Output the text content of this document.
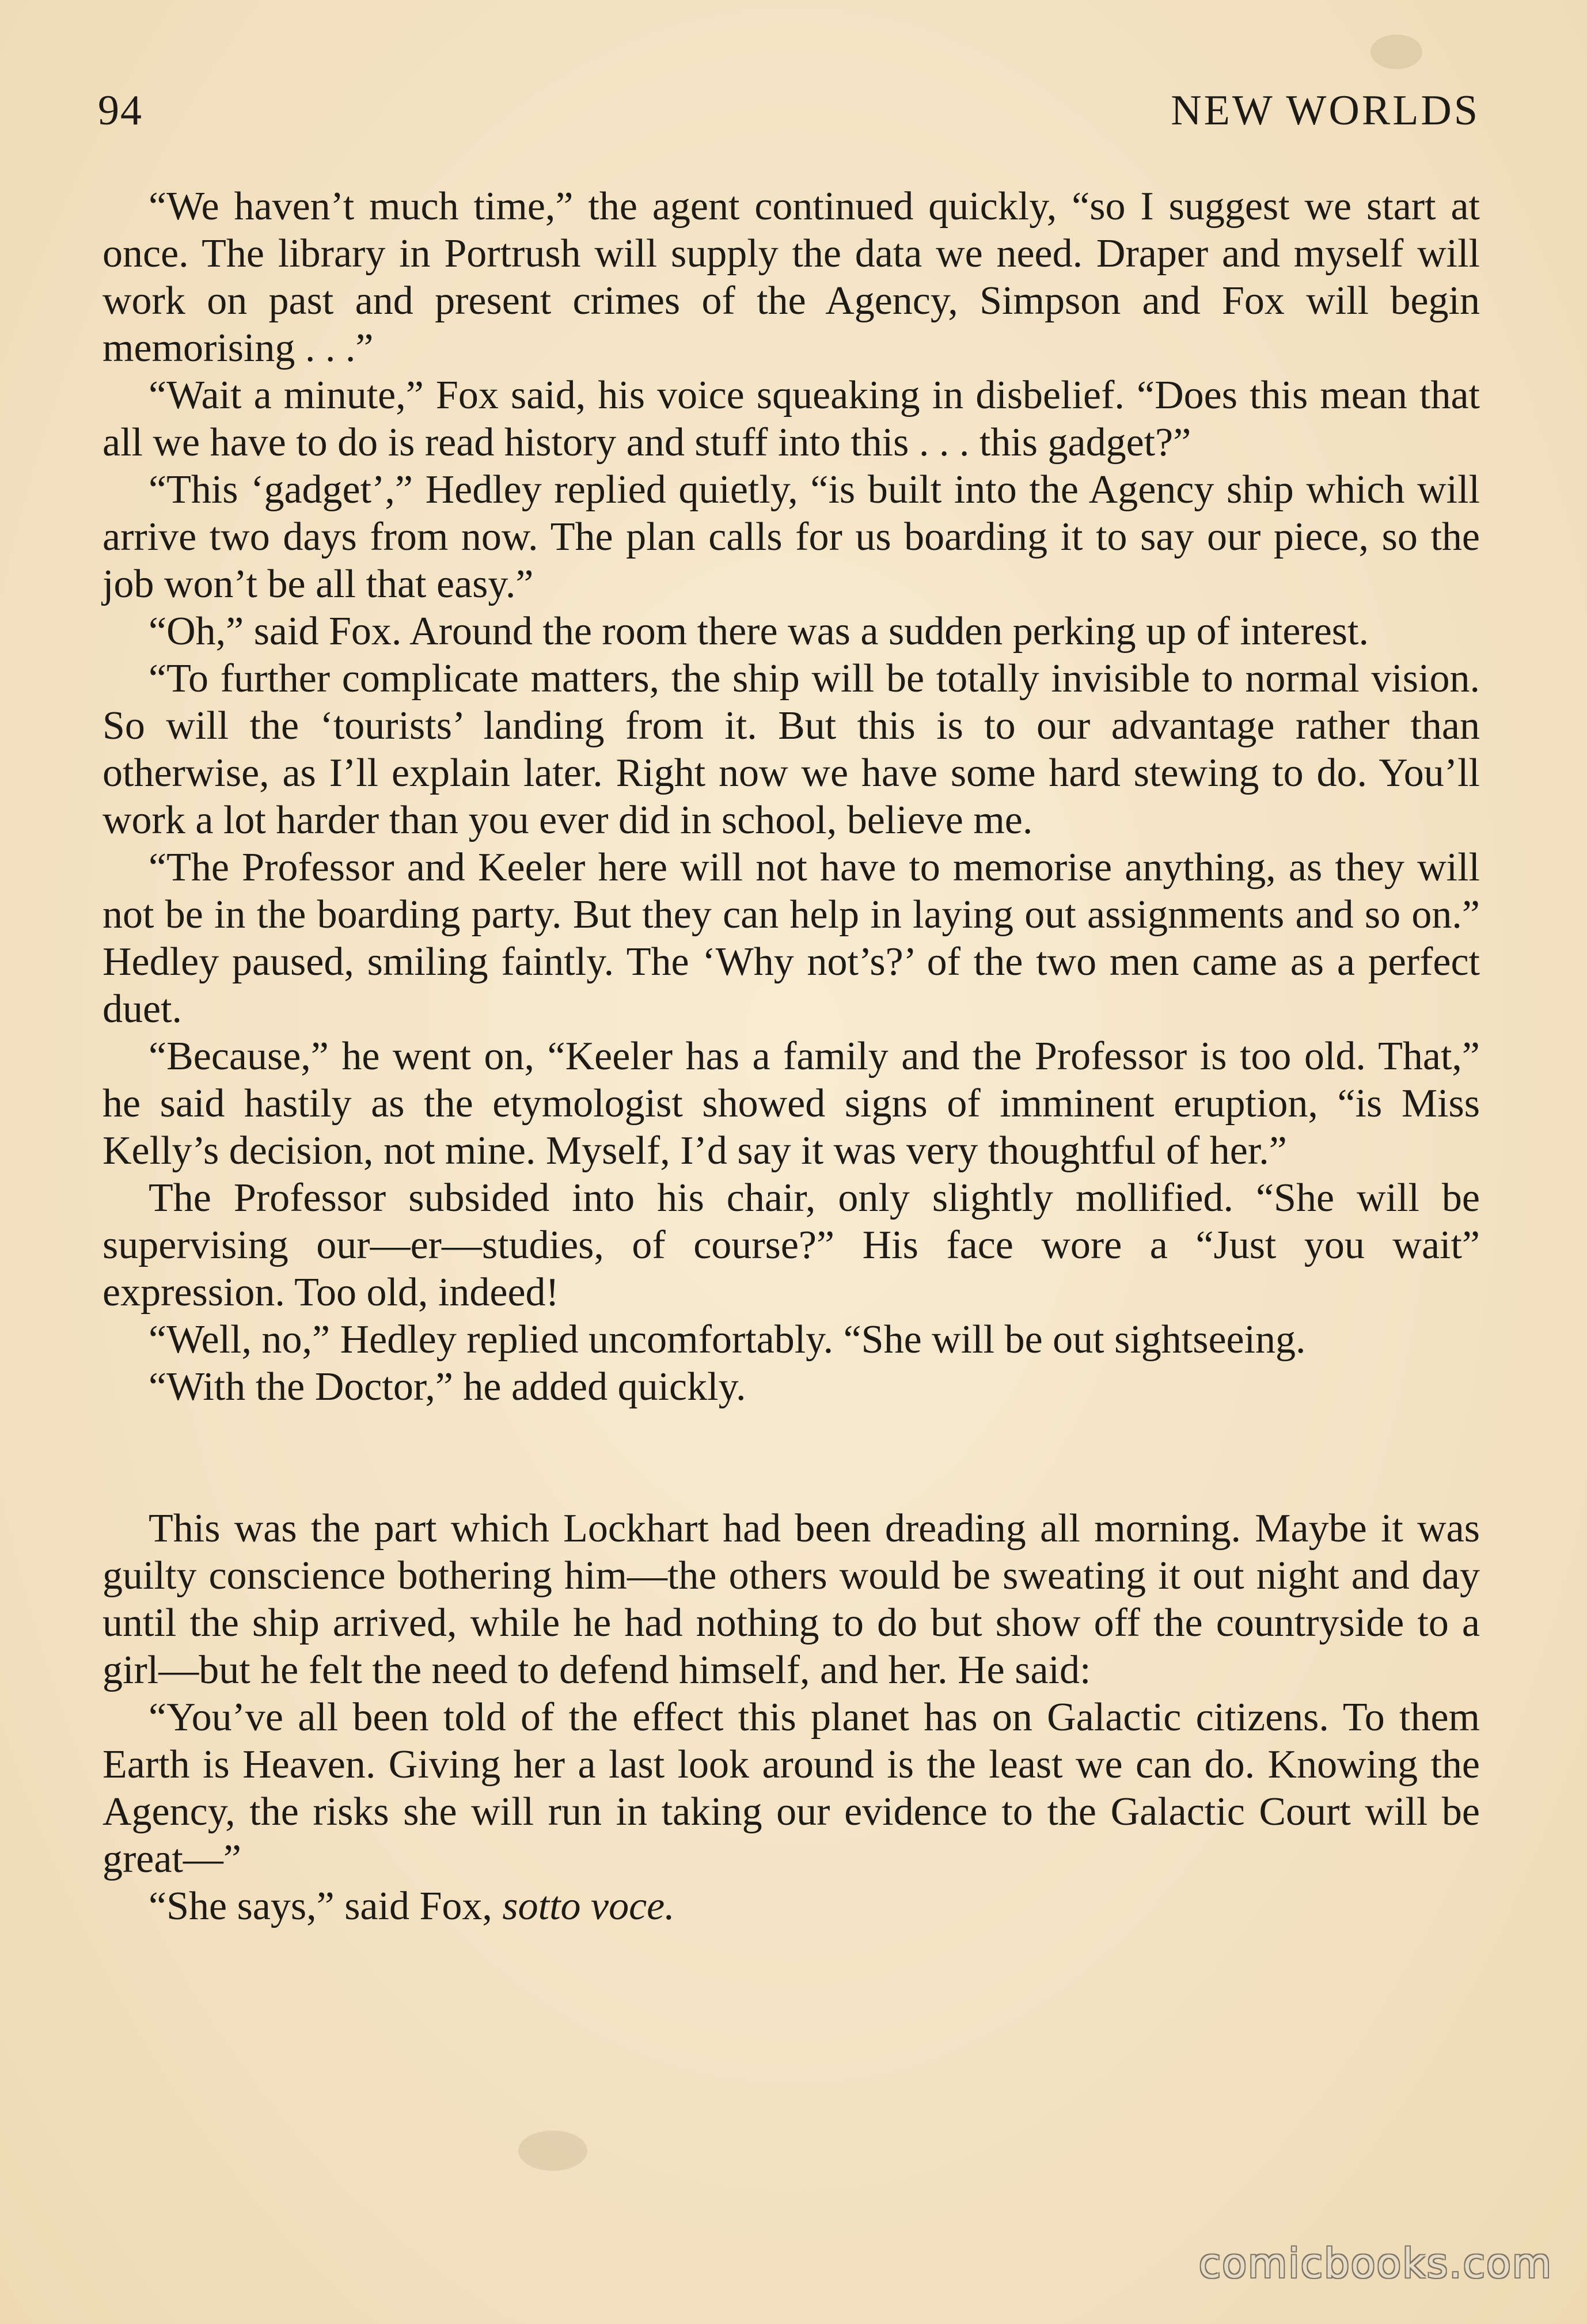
94	NEW WORLDS

“We haven’t much time,” the agent continued quickly, “so I suggest we start at once. The library in Portrush will supply the data we need. Draper and myself will work on past and present crimes of the Agency, Simpson and Fox will begin memorising . . .”

“Wait a minute,” Fox said, his voice squeaking in disbelief. “Does this mean that all we have to do is read history and stuff into this . . . this gadget?”

“This ‘gadget’,” Hedley replied quietly, “is built into the Agency ship which will arrive two days from now. The plan calls for us boarding it to say our piece, so the job won’t be all that easy.”

“Oh,” said Fox. Around the room there was a sudden perking up of interest.

“To further complicate matters, the ship will be totally invisible to normal vision. So will the ‘tourists’ landing from it. But this is to our advantage rather than otherwise, as I’ll explain later. Right now we have some hard stewing to do. You’ll work a lot harder than you ever did in school, believe me.

“The Professor and Keeler here will not have to memorise anything, as they will not be in the boarding party. But they can help in laying out assignments and so on.” Hedley paused, smiling faintly. The ‘Why not’s?’ of the two men came as a perfect duet.

“Because,” he went on, “Keeler has a family and the Professor is too old. That,” he said hastily as the etymologist showed signs of imminent eruption, “is Miss Kelly’s decision, not mine. Myself, I’d say it was very thoughtful of her.”

The Professor subsided into his chair, only slightly mollified. “She will be supervising our—er—studies, of course?” His face wore a “Just you wait” expression. Too old, indeed!

“Well, no,” Hedley replied uncomfortably. “She will be out sightseeing.

“With the Doctor,” he added quickly.

This was the part which Lockhart had been dreading all morning. Maybe it was guilty conscience bothering him—the others would be sweating it out night and day until the ship arrived, while he had nothing to do but show off the countryside to a girl—but he felt the need to defend himself, and her. He said:

“You’ve all been told of the effect this planet has on Galactic citizens. To them Earth is Heaven. Giving her a last look around is the least we can do. Knowing the Agency, the risks she will run in taking our evidence to the Galactic Court will be great—”

“She says,” said Fox, sotto voce.

comicbooks.com
